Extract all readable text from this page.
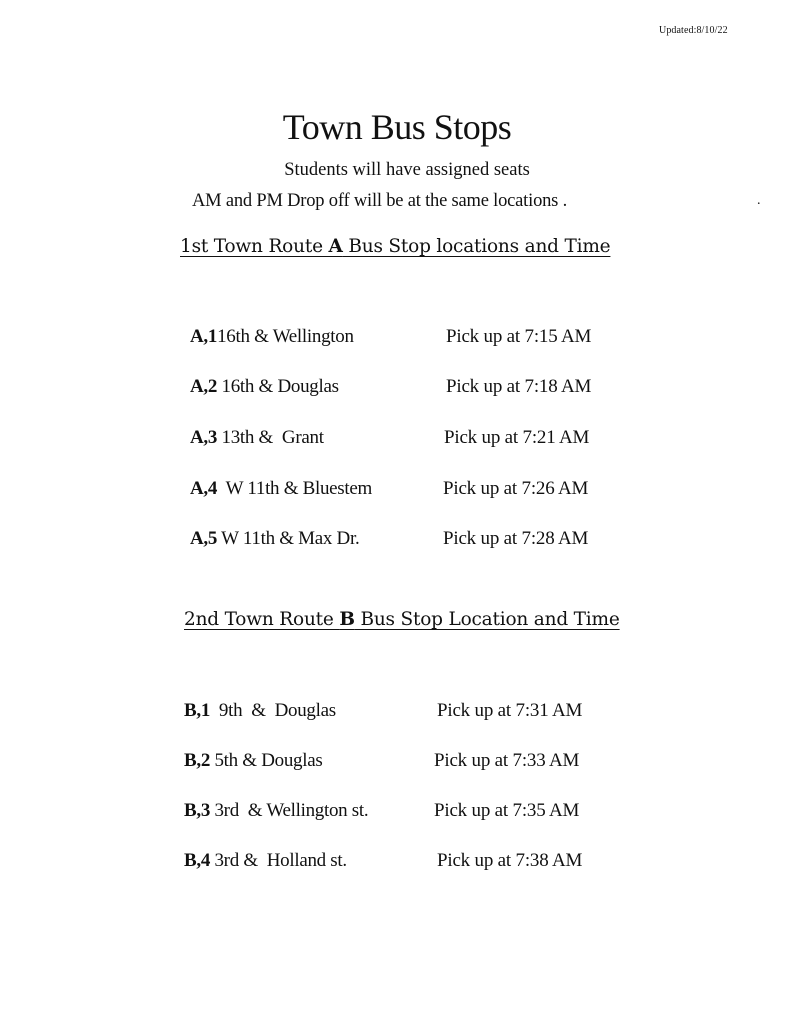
Updated:8/10/22
Town Bus Stops
Students will have assigned seats
AM and PM Drop off will be at the same locations .	.
1st Town Route A Bus Stop locations and Time
A,116th & Wellington	Pick up at 7:15 AM
A,2 16th & Douglas	Pick up at 7:18 AM
A,3 13th &  Grant	Pick up at 7:21 AM
A,4  W 11th & Bluestem	Pick up at 7:26 AM
A,5 W 11th & Max Dr.	Pick up at 7:28 AM
2nd Town Route B Bus Stop Location and Time
B,1  9th  &  Douglas	Pick up at 7:31 AM
B,2 5th & Douglas	Pick up at 7:33 AM
B,3 3rd  & Wellington st.	Pick up at 7:35 AM
B,4 3rd &  Holland st.	Pick up at 7:38 AM
